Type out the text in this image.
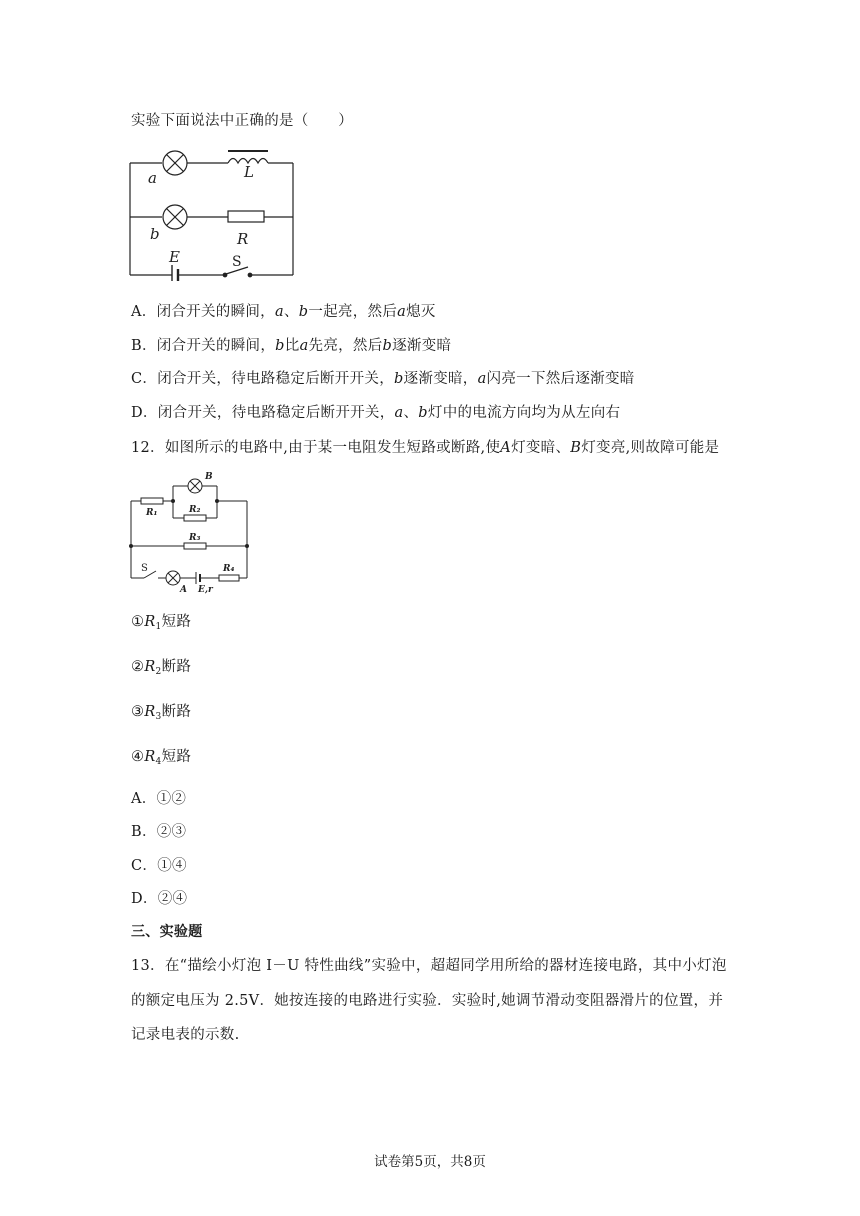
实验下面说法中正确的是（　　）
a	L
b	R
E	S
A．闭合开关的瞬间，a、b一起亮，然后a熄灭
B．闭合开关的瞬间，b比a先亮，然后b逐渐变暗
C．闭合开关，待电路稳定后断开开关，b逐渐变暗，a闪亮一下然后逐渐变暗
D．闭合开关，待电路稳定后断开开关，a、b灯中的电流方向均为从左向右
12．如图所示的电路中,由于某一电阻发生短路或断路,使A灯变暗、B灯变亮,则故障可能是
B
R₁	R₂
R₃
R₄
A E,r
S
$①R_1$短路
$②R_2$断路
$③R_3$断路
$④R_4$短路
A．①②
B．②③
C．①④
D．②④
三、实验题
13．在“描绘小灯泡 I－U 特性曲线”实验中，超超同学用所给的器材连接电路，其中小灯泡
的额定电压为 2.5V．她按连接的电路进行实验．实验时,她调节滑动变阻器滑片的位置，并
记录电表的示数.
试卷第5页，共8页
